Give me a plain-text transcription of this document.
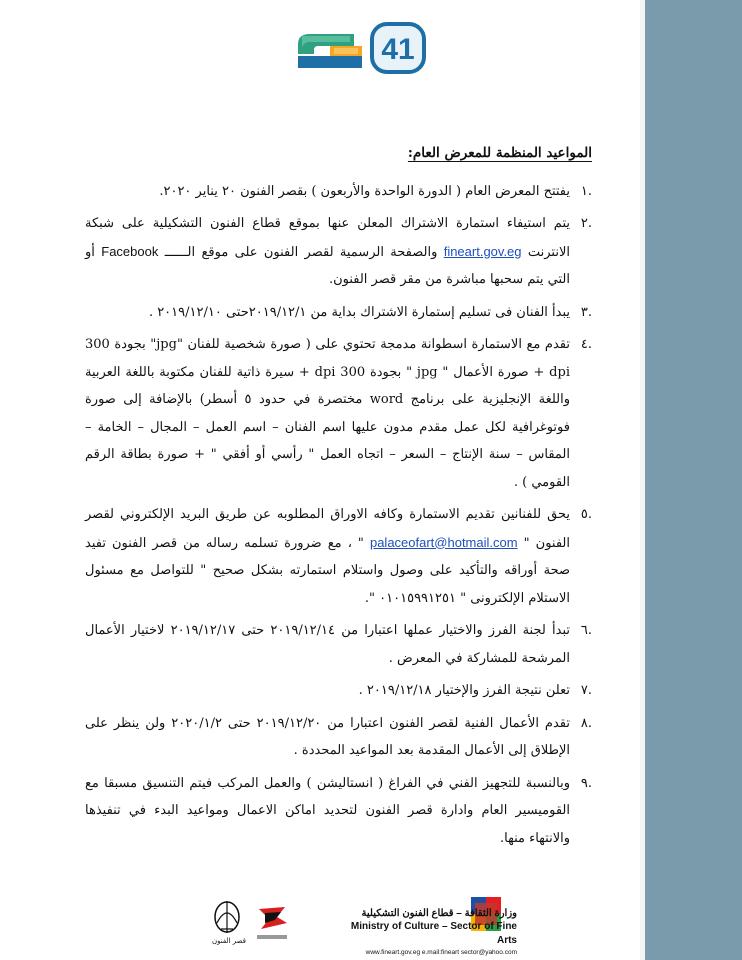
41
المواعيد المنظمة للمعرض العام:
.١
يفتتح المعرض العام ( الدورة الواحدة والأربعون ) بقصر الفنون ٢٠ يناير ٢٠٢٠.
.٢
يتم استيفاء استمارة الاشتراك المعلن عنها بموقع قطاع الفنون التشكيلية على شبكة الانترنت fineart.gov.eg والصفحة الرسمية لقصر الفنون على موقع الــــــ Facebook أو التي يتم سحبها مباشرة من مقر قصر الفنون.
.٣
يبدأ الفنان فى تسليم إستمارة الاشتراك بداية من ٢٠١٩/١٢/١حتى ٢٠١٩/١٢/١٠ .
.٤
تقدم مع الاستمارة اسطوانة مدمجة تحتوي على ( صورة شخصية للفنان "jpg" بجودة 300 dpi + صورة الأعمال " jpg " بجودة 300 dpi + سيرة ذاتية للفنان مكتوبة باللغة العربية واللغة الإنجليزية على برنامج word مختصرة في حدود ٥ أسطر) بالإضافة إلى صورة فوتوغرافية لكل عمل مقدم مدون عليها اسم الفنان – اسم العمل – المجال – الخامة – المقاس – سنة الإنتاج – السعر – اتجاه العمل " رأسي أو أفقي " + صورة بطاقة الرقم القومي ) .
.٥
يحق للفنانين تقديم الاستمارة وكافه الاوراق المطلوبه عن طريق البريد الإلكتروني لقصر الفنون " palaceofart@hotmail.com " ، مع ضرورة تسلمه رساله من قصر الفنون تفيد صحة أوراقه والتأكيد على وصول واستلام استمارته بشكل صحيح " للتواصل مع مسئول الاستلام الإلكترونى " ٠١٠١٥٩٩١٢٥١ ".
.٦
تبدأ لجنة الفرز والاختيار عملها اعتبارا من ٢٠١٩/١٢/١٤ حتى ٢٠١٩/١٢/١٧ لاختيار الأعمال المرشحة للمشاركة في المعرض .
.٧
تعلن نتيجة الفرز والإختيار ٢٠١٩/١٢/١٨ .
.٨
تقدم الأعمال الفنية لقصر الفنون اعتبارا من ٢٠١٩/١٢/٢٠ حتى ٢٠٢٠/١/٢ ولن ينظر على الإطلاق إلى الأعمال المقدمة بعد المواعيد المحددة .
.٩
وبالنسبة للتجهيز الفني في الفراغ ( انستاليشن ) والعمل المركب فيتم التنسيق مسبقا مع القوميسير العام وادارة قصر الفنون لتحديد اماكن الاعمال ومواعيد البدء في تنفيذها والانتهاء منها.
وزارة الثقافة – قطاع الفنون التشكيلية
Ministry of Culture – Sector of Fine Arts
www.fineart.gov.eg e.mail:fineart sector@yahoo.com
قصر الفنون
